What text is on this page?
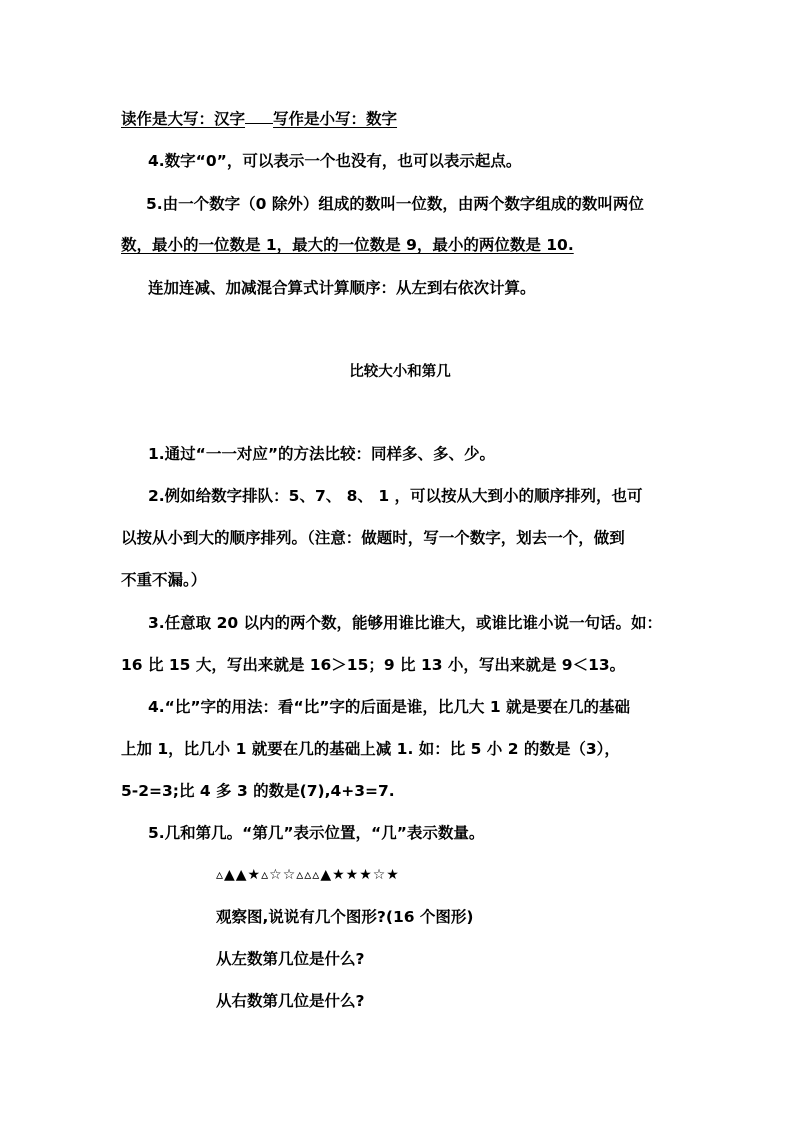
读作是大写：汉字 写作是小写：数字
4.数字“0”，可以表示一个也没有，也可以表示起点。
5.由一个数字（0 除外）组成的数叫一位数，由两个数字组成的数叫两位
数，最小的一位数是 1，最大的一位数是 9，最小的两位数是 10.
连加连减、加减混合算式计算顺序：从左到右依次计算。
比较大小和第几
1.通过“一一对应”的方法比较：同样多、多、少。
2.例如给数字排队：5、7、 8、 1 ，可以按从大到小的顺序排列，也可
以按从小到大的顺序排列。（注意：做题时，写一个数字，划去一个，做到
不重不漏。）
3.任意取 20 以内的两个数，能够用谁比谁大，或谁比谁小说一句话。如：
16 比 15 大，写出来就是 16＞15；9 比 13 小，写出来就是 9＜13。
4.“比”字的用法：看“比”字的后面是谁，比几大 1 就是要在几的基础
上加 1，比几小 1 就要在几的基础上减 1. 如：比 5 小 2 的数是（3），
5-2=3;比 4 多 3 的数是(7),4+3=7.
5.几和第几。“第几”表示位置，“几”表示数量。
▵▲▲★▵☆☆▵▵▵▲★★★☆★
观察图,说说有几个图形?(16 个图形)
从左数第几位是什么?
从右数第几位是什么?
